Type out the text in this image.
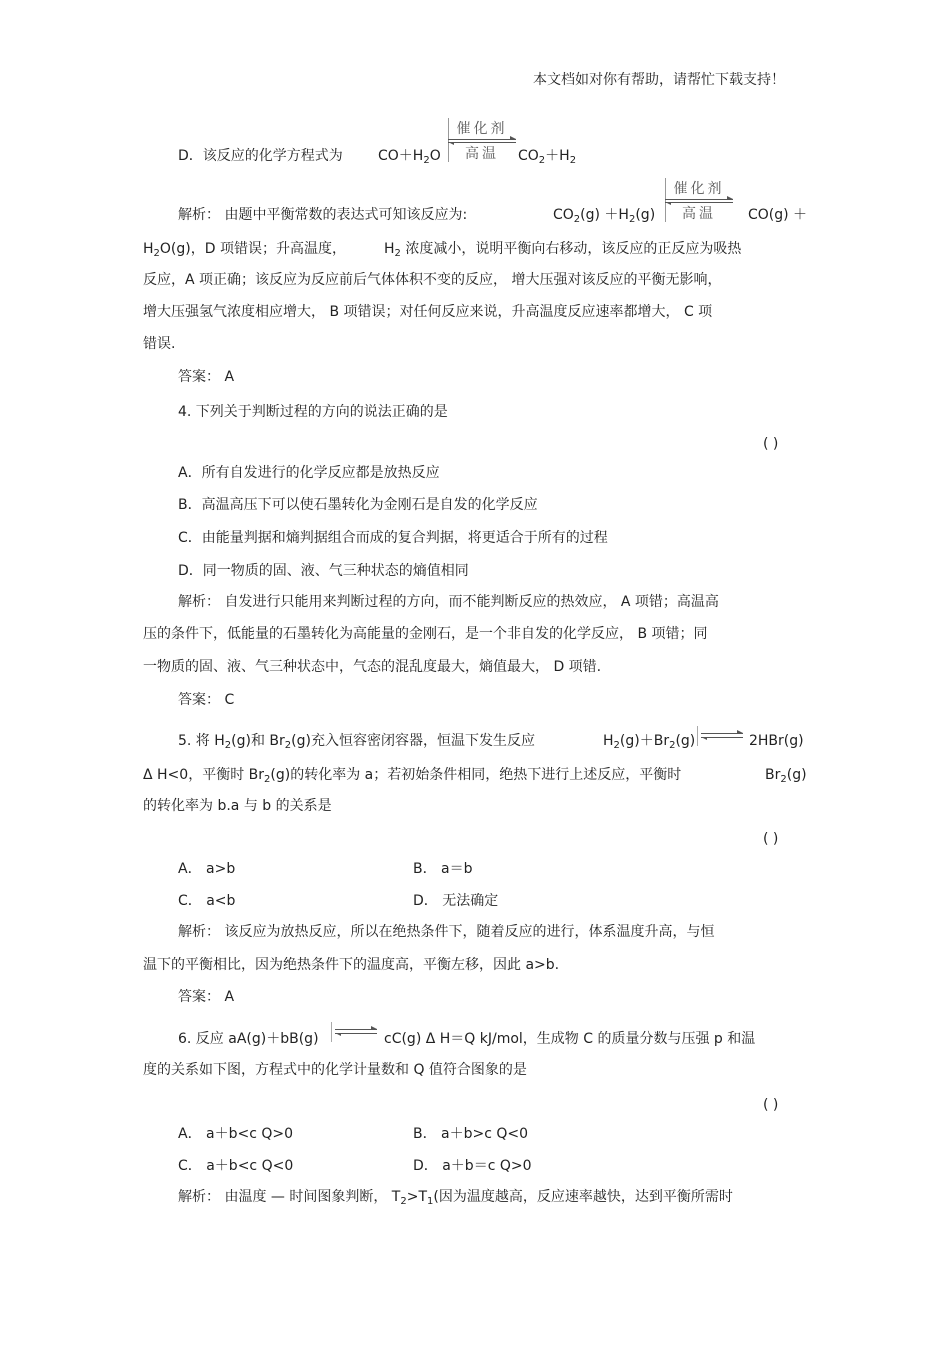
本文档如对你有帮助，请帮忙下载支持！
D．该反应的化学方程式为	$CO+H_2O$
催化剂
高温	$CO_2+H_2$
解析： 由题中平衡常数的表达式可知该反应为:	$CO_2(g) +H_2(g)$
催化剂
高温	CO(g) ＋
$H_2O(g)$，D 项错误；升高温度，	$H_2$ 浓度减小，说明平衡向右移动，该反应的正反应为吸热
反应，A 项正确；该反应为反应前后气体体积不变的反应， 增大压强对该反应的平衡无影响，
增大压强氢气浓度相应增大， B 项错误；对任何反应来说，升高温度反应速率都增大， C 项
错误.
答案： A
4. 下列关于判断过程的方向的说法正确的是
( )
A．所有自发进行的化学反应都是放热反应
B．高温高压下可以使石墨转化为金刚石是自发的化学反应
C．由能量判据和熵判据组合而成的复合判据，将更适合于所有的过程
D．同一物质的固、液、气三种状态的熵值相同
解析： 自发进行只能用来判断过程的方向，而不能判断反应的热效应， A 项错；高温高
压的条件下，低能量的石墨转化为高能量的金刚石，是一个非自发的化学反应， B 项错；同
一物质的固、液、气三种状态中，气态的混乱度最大，熵值最大， D 项错.
答案： C
5. 将 $H_2(g)$和 $Br_2(g)$充入恒容密闭容器，恒温下发生反应	$H_2(g)+Br_2(g)$ ⇌ 2HBr(g)
Δ H<0，平衡时 $Br_2(g)$的转化率为 a；若初始条件相同，绝热下进行上述反应，平衡时	$Br_2(g)$
的转化率为 b.a 与 b 的关系是
( )
A． a>b	B． a＝b
C． a<b	D． 无法确定
解析： 该反应为放热反应，所以在绝热条件下，随着反应的进行，体系温度升高，与恒
温下的平衡相比，因为绝热条件下的温度高，平衡左移，因此 a>b.
答案： A
6. 反应 aA(g)＋bB(g) ⇌ cC(g) Δ H＝Q kJ/mol，生成物 C 的质量分数与压强 p 和温
度的关系如下图，方程式中的化学计量数和 Q 值符合图象的是
( )
A． a＋b<c Q>0	B． a＋b>c Q<0
C． a＋b<c Q<0	D． a＋b＝c Q>0
解析： 由温度 — 时间图象判断， $T_2>T_1$(因为温度越高，反应速率越快，达到平衡所需时
